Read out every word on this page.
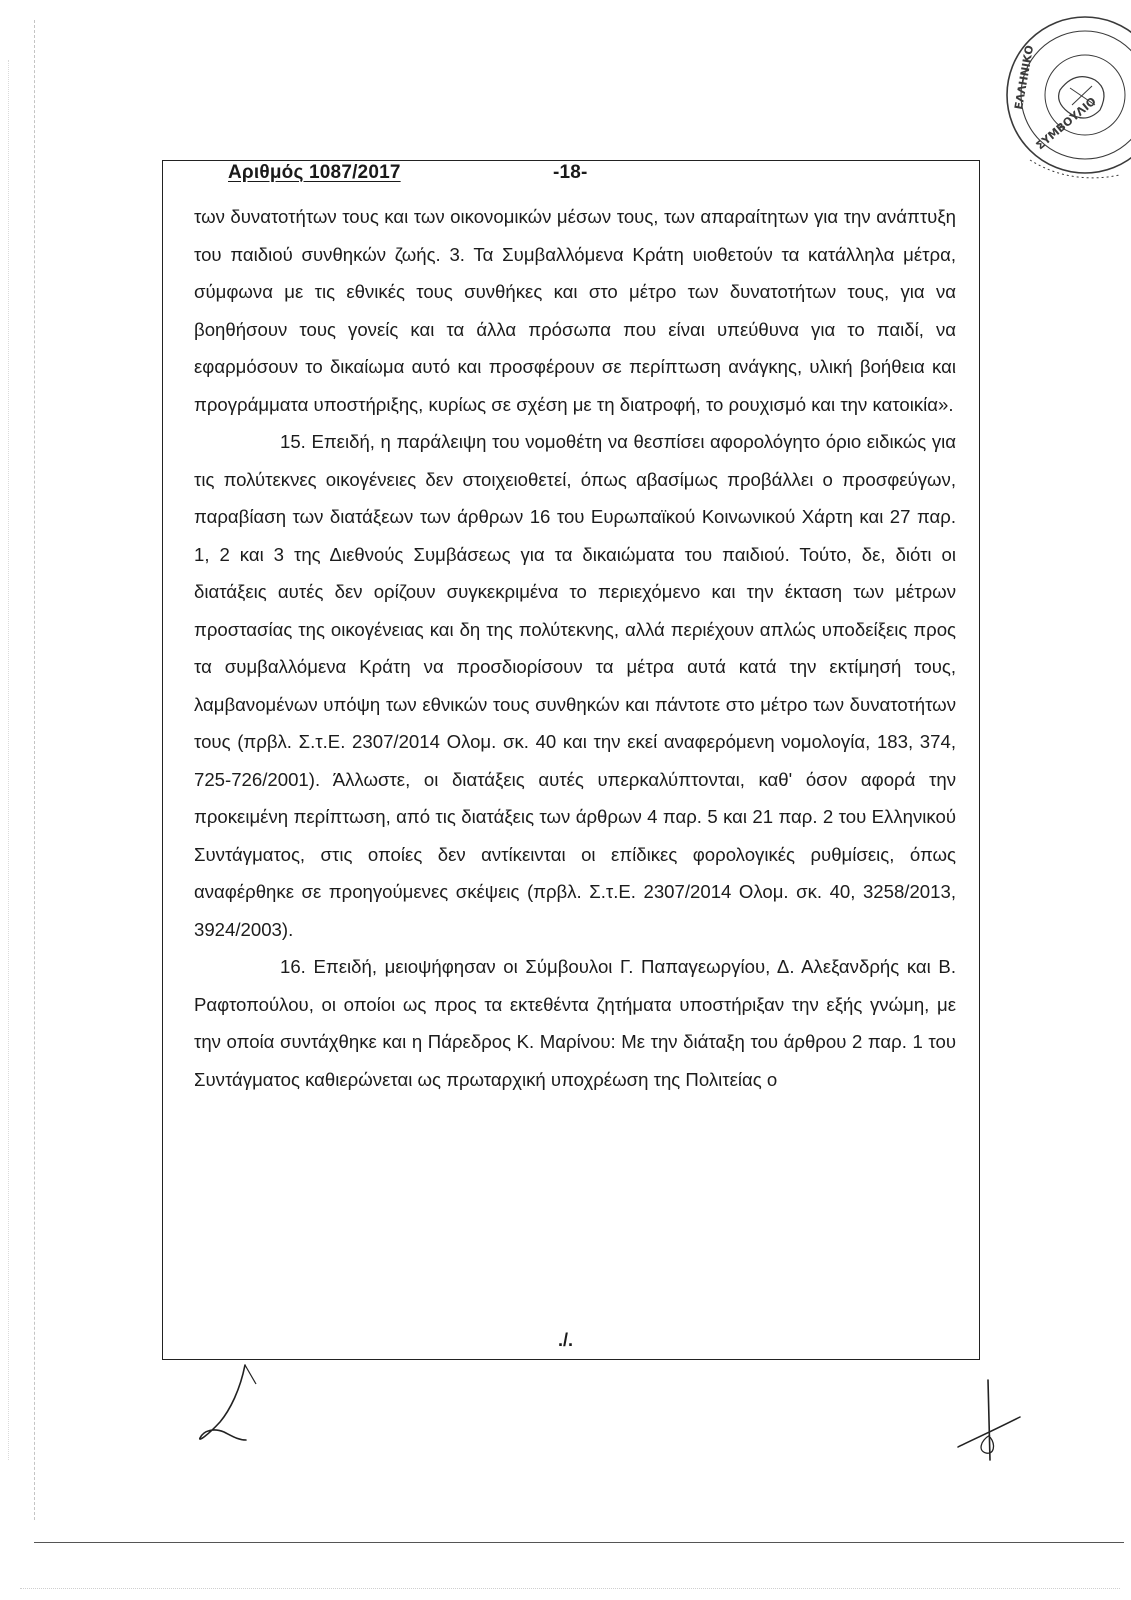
ΕΛΛΗΝΙΚΟ
ΣΥΜΒΟΥΛΙΟ
Αριθμός 1087/2017	-18-

των δυνατοτήτων τους και των οικονομικών μέσων τους, των απαραίτητων για την ανάπτυξη του παιδιού συνθηκών ζωής. 3. Τα Συμβαλλόμενα Κράτη υιοθετούν τα κατάλληλα μέτρα, σύμφωνα με τις εθνικές τους συνθήκες και στο μέτρο των δυνατοτήτων τους, για να βοηθήσουν τους γονείς και τα άλλα πρόσωπα που είναι υπεύθυνα για το παιδί, να εφαρμόσουν το δικαίωμα αυτό και προσφέρουν σε περίπτωση ανάγκης, υλική βοήθεια και προγράμματα υποστήριξης, κυρίως σε σχέση με τη διατροφή, το ρουχισμό και την κατοικία».

15. Επειδή, η παράλειψη του νομοθέτη να θεσπίσει αφορολόγητο όριο ειδικώς για τις πολύτεκνες οικογένειες δεν στοιχειοθετεί, όπως αβασίμως προβάλλει ο προσφεύγων, παραβίαση των διατάξεων των άρθρων 16 του Ευρωπαϊκού Κοινωνικού Χάρτη και 27 παρ. 1, 2 και 3 της Διεθνούς Συμβάσεως για τα δικαιώματα του παιδιού. Τούτο, δε, διότι οι διατάξεις αυτές δεν ορίζουν συγκεκριμένα το περιεχόμενο και την έκταση των μέτρων προστασίας της οικογένειας και δη της πολύτεκνης, αλλά περιέχουν απλώς υποδείξεις προς τα συμβαλλόμενα Κράτη να προσδιορίσουν τα μέτρα αυτά κατά την εκτίμησή τους, λαμβανομένων υπόψη των εθνικών τους συνθηκών και πάντοτε στο μέτρο των δυνατοτήτων τους (πρβλ. Σ.τ.Ε. 2307/2014 Ολομ. σκ. 40 και την εκεί αναφερόμενη νομολογία, 183, 374, 725-726/2001). Άλλωστε, οι διατάξεις αυτές υπερκαλύπτονται, καθ' όσον αφορά την προκειμένη περίπτωση, από τις διατάξεις των άρθρων 4 παρ. 5 και 21 παρ. 2 του Ελληνικού Συντάγματος, στις οποίες δεν αντίκεινται οι επίδικες φορολογικές ρυθμίσεις, όπως αναφέρθηκε σε προηγούμενες σκέψεις (πρβλ. Σ.τ.Ε. 2307/2014 Ολομ. σκ. 40, 3258/2013, 3924/2003).

16. Επειδή, μειοψήφησαν οι Σύμβουλοι Γ. Παπαγεωργίου, Δ. Αλεξανδρής και Β. Ραφτοπούλου, οι οποίοι ως προς τα εκτεθέντα ζητήματα υποστήριξαν την εξής γνώμη, με την οποία συντάχθηκε και η Πάρεδρος Κ. Μαρίνου: Με την διάταξη του άρθρου 2 παρ. 1 του Συντάγματος καθιερώνεται ως πρωταρχική υποχρέωση της Πολιτείας ο

./.
